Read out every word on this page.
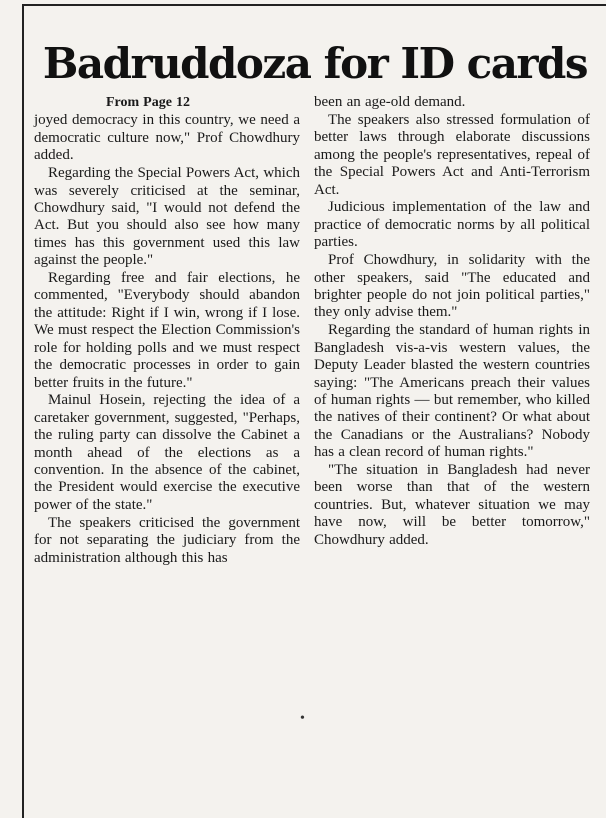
Badruddoza for ID cards
From Page 12

joyed democracy in this country, we need a democratic culture now," Prof Chowdhury added.

Regarding the Special Powers Act, which was severely criticised at the seminar, Chowdhury said, "I would not defend the Act. But you should also see how many times has this government used this law against the people."

Regarding free and fair elections, he commented, "Everybody should abandon the attitude: Right if I win, wrong if I lose. We must respect the Election Commission's role for holding polls and we must respect the democratic processes in order to gain better fruits in the future."

Mainul Hosein, rejecting the idea of a caretaker government, suggested, "Perhaps, the ruling party can dissolve the Cabinet a month ahead of the elections as a convention. In the absence of the cabinet, the President would exercise the executive power of the state."

The speakers criticised the government for not separating the judiciary from the administration although this has

•

been an age-old demand.

The speakers also stressed formulation of better laws through elaborate discussions among the people's representatives, repeal of the Special Powers Act and Anti-Terrorism Act.

Judicious implementation of the law and practice of democratic norms by all political parties.

Prof Chowdhury, in solidarity with the other speakers, said "The educated and brighter people do not join political parties," they only advise them."

Regarding the standard of human rights in Bangladesh vis-a-vis western values, the Deputy Leader blasted the western countries saying: "The Americans preach their values of human rights — but remember, who killed the natives of their continent? Or what about the Canadians or the Australians? Nobody has a clean record of human rights."

"The situation in Bangladesh had never been worse than that of the western countries. But, whatever situation we may have now, will be better tomorrow," Chowdhury added.
